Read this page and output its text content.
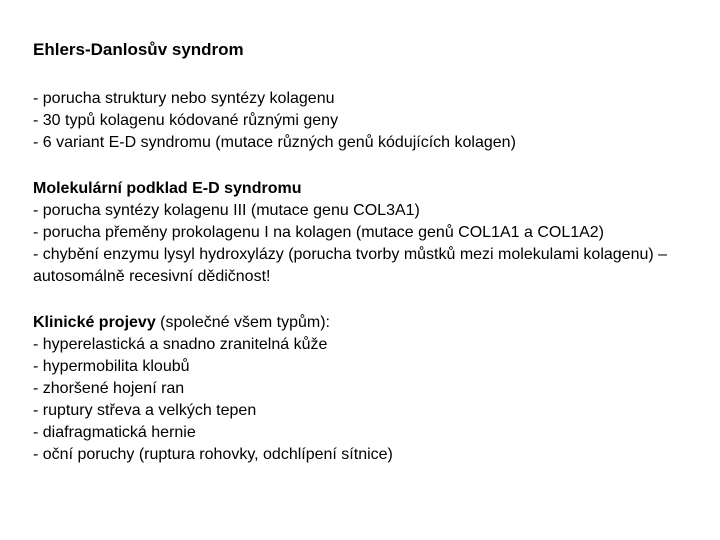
Ehlers-Danlosův syndrom
- porucha struktury nebo syntézy kolagenu
- 30 typů kolagenu kódované různými geny
- 6 variant E-D syndromu (mutace různých genů kódujících kolagen)
Molekulární podklad E-D syndromu
- porucha syntézy kolagenu III (mutace genu COL3A1)
- porucha přeměny prokolagenu I na kolagen (mutace genů COL1A1 a COL1A2)
- chybění enzymu lysyl hydroxylázy (porucha tvorby můstků mezi molekulami kolagenu) – autosomálně recesivní dědičnost!
Klinické projevy (společné všem typům):
- hyperelastická a snadno zranitelná kůže
- hypermobilita kloubů
- zhoršené hojení ran
- ruptury střeva a velkých tepen
- diafragmatická hernie
- oční poruchy (ruptura rohovky, odchlípení sítnice)
